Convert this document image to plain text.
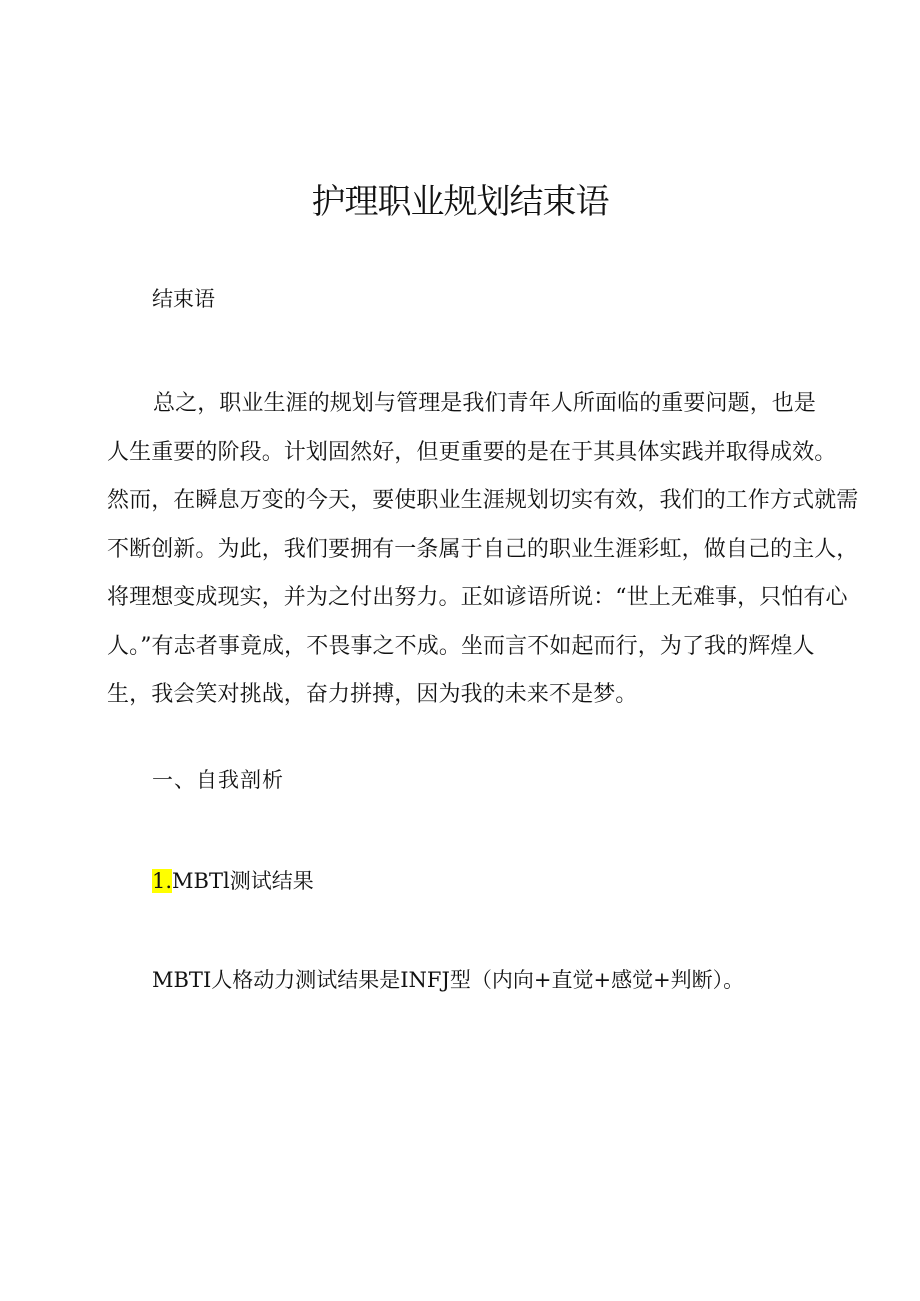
护理职业规划结束语

结束语

总之，职业生涯的规划与管理是我们青年人所面临的重要问题，也是
人生重要的阶段。计划固然好，但更重要的是在于其具体实践并取得成效。
然而，在瞬息万变的今天，要使职业生涯规划切实有效，我们的工作方式就需
不断创新。为此，我们要拥有一条属于自己的职业生涯彩虹，做自己的主人，
将理想变成现实，并为之付出努力。正如谚语所说：“世上无难事，只怕有心
人。”有志者事竟成，不畏事之不成。坐而言不如起而行，为了我的辉煌人
生，我会笑对挑战，奋力拼搏，因为我的未来不是梦。

一、自我剖析

1.MBTl测试结果

MBTI人格动力测试结果是INFJ型（内向+直觉+感觉+判断）。
